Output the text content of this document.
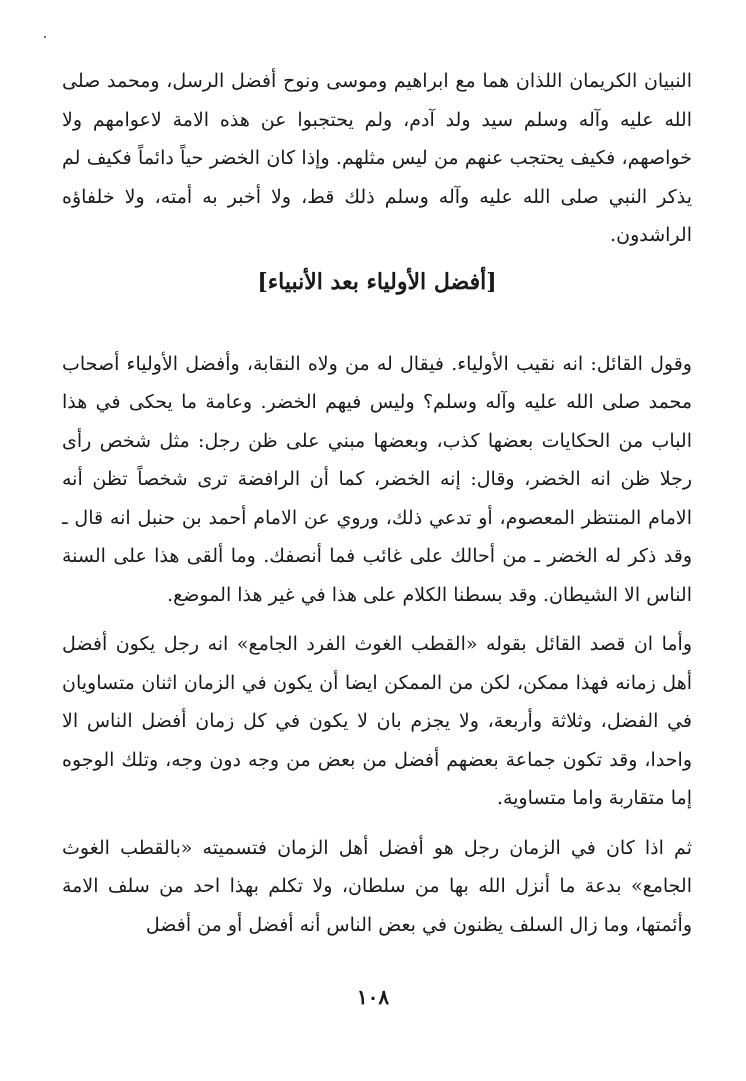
النبيان الكريمان اللذان هما مع ابراهيم وموسى ونوح أفضل الرسل، ومحمد صلى الله عليه وآله وسلم سيد ولد آدم، ولم يحتجبوا عن هذه الامة لاعوامهم ولا خواصهم، فكيف يحتجب عنهم من ليس مثلهم. وإذا كان الخضر حياً دائماً فكيف لم يذكر النبي صلى الله عليه وآله وسلم ذلك قط، ولا أخبر به أمته، ولا خلفاؤه الراشدون.

[أفضل الأولياء بعد الأنبياء]

وقول القائل: انه نقيب الأولياء. فيقال له من ولاه النقابة، وأفضل الأولياء أصحاب محمد صلى الله عليه وآله وسلم؟ وليس فيهم الخضر. وعامة ما يحكى في هذا الباب من الحكايات بعضها كذب، وبعضها مبني على ظن رجل: مثل شخص رأى رجلا ظن انه الخضر، وقال: إنه الخضر، كما أن الرافضة ترى شخصاً تظن أنه الامام المنتظر المعصوم، أو تدعي ذلك، وروي عن الامام أحمد بن حنبل انه قال ـ وقد ذكر له الخضر ـ من أحالك على غائب فما أنصفك. وما ألقى هذا على السنة الناس الا الشيطان. وقد بسطنا الكلام على هذا في غير هذا الموضع.

وأما ان قصد القائل بقوله «القطب الغوث الفرد الجامع» انه رجل يكون أفضل أهل زمانه فهذا ممكن، لكن من الممكن ايضا أن يكون في الزمان اثنان متساويان في الفضل، وثلاثة وأربعة، ولا يجزم بان لا يكون في كل زمان أفضل الناس الا واحدا، وقد تكون جماعة بعضهم أفضل من بعض من وجه دون وجه، وتلك الوجوه إما متقاربة واما متساوية.

ثم اذا كان في الزمان رجل هو أفضل أهل الزمان فتسميته «بالقطب الغوث الجامع» بدعة ما أنزل الله بها من سلطان، ولا تكلم بهذا احد من سلف الامة وأئمتها، وما زال السلف يظنون في بعض الناس أنه أفضل أو من أفضل

١٠٨
